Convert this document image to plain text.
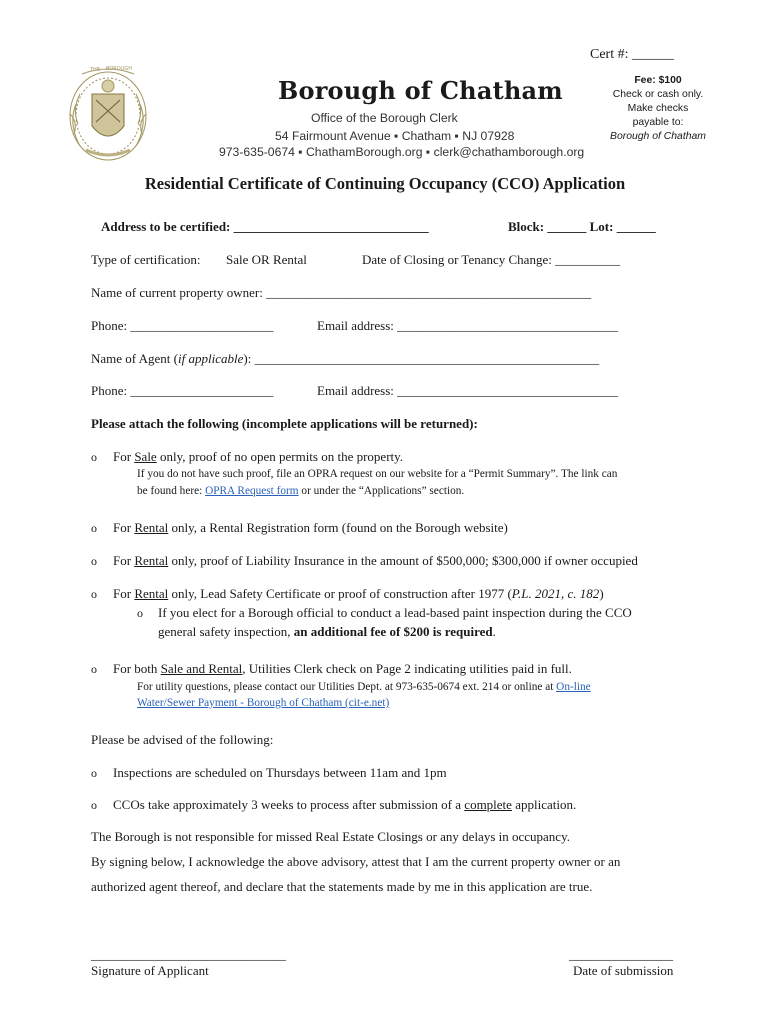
THE BOROUGH
Cert #: ______
Borough of Chatham
Office of the Borough Clerk
54 Fairmount Avenue ▪ Chatham ▪ NJ 07928
973-635-0674 ▪ ChathamBorough.org ▪ clerk@chathamborough.org
Fee: $100
Check or cash only.
Make checks
payable to:
Borough of Chatham
Residential Certificate of Continuing Occupancy (CCO) Application
Address to be certified: ______________________________	Block: ______ Lot: ______
Type of certification: Sale OR Rental	Date of Closing or Tenancy Change: __________
Name of current property owner: __________________________________________________
Phone: ______________________	Email address: __________________________________
Name of Agent (if applicable): _____________________________________________________
Phone: ______________________	Email address: __________________________________
Please attach the following (incomplete applications will be returned):
o For Sale only, proof of no open permits on the property.
If you do not have such proof, file an OPRA request on our website for a “Permit Summary”. The link can
be found here: OPRA Request form or under the “Applications” section.
o For Rental only, a Rental Registration form (found on the Borough website)
o For Rental only, proof of Liability Insurance in the amount of $500,000; $300,000 if owner occupied
o For Rental only, Lead Safety Certificate or proof of construction after 1977 (P.L. 2021, c. 182)
o If you elect for a Borough official to conduct a lead-based paint inspection during the CCO
general safety inspection, an additional fee of $200 is required.
o For both Sale and Rental, Utilities Clerk check on Page 2 indicating utilities paid in full.
For utility questions, please contact our Utilities Dept. at 973-635-0674 ext. 214 or online at On-line
Water/Sewer Payment - Borough of Chatham (cit-e.net)
Please be advised of the following:
o Inspections are scheduled on Thursdays between 11am and 1pm
o CCOs take approximately 3 weeks to process after submission of a complete application.
The Borough is not responsible for missed Real Estate Closings or any delays in occupancy.
By signing below, I acknowledge the above advisory, attest that I am the current property owner or an
authorized agent thereof, and declare that the statements made by me in this application are true.
______________________________
Signature of Applicant
________________
Date of submission
